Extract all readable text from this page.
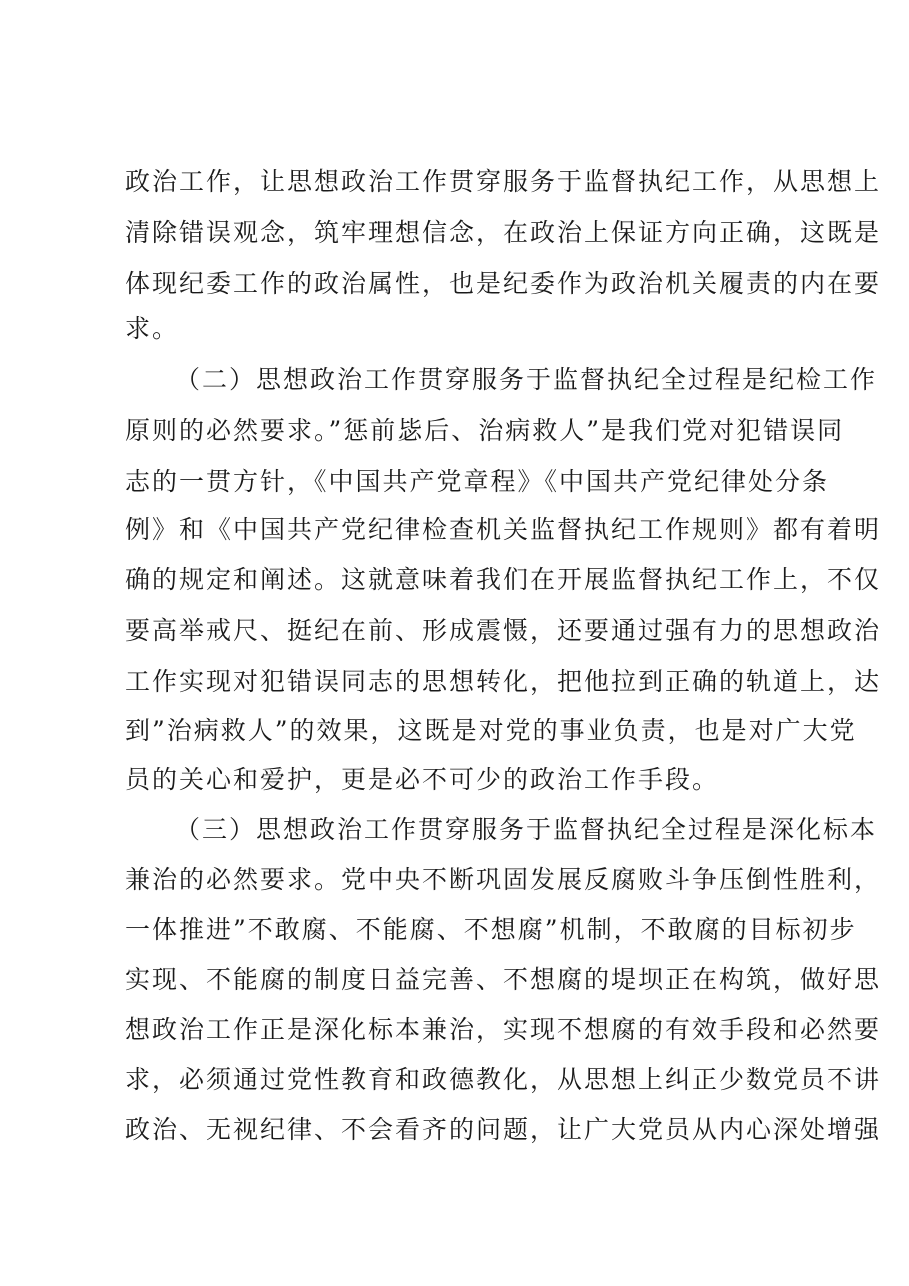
政治工作，让思想政治工作贯穿服务于监督执纪工作，从思想上
清除错误观念，筑牢理想信念，在政治上保证方向正确，这既是
体现纪委工作的政治属性，也是纪委作为政治机关履责的内在要
求。
（二）思想政治工作贯穿服务于监督执纪全过程是纪检工作
原则的必然要求。”惩前毖后、治病救人”是我们党对犯错误同
志的一贯方针，《中国共产党章程》《中国共产党纪律处分条
例》和《中国共产党纪律检查机关监督执纪工作规则》都有着明
确的规定和阐述。这就意味着我们在开展监督执纪工作上，不仅
要高举戒尺、挺纪在前、形成震慑，还要通过强有力的思想政治
工作实现对犯错误同志的思想转化，把他拉到正确的轨道上，达
到”治病救人”的效果，这既是对党的事业负责，也是对广大党
员的关心和爱护，更是必不可少的政治工作手段。
（三）思想政治工作贯穿服务于监督执纪全过程是深化标本
兼治的必然要求。党中央不断巩固发展反腐败斗争压倒性胜利，
一体推进”不敢腐、不能腐、不想腐”机制，不敢腐的目标初步
实现、不能腐的制度日益完善、不想腐的堤坝正在构筑，做好思
想政治工作正是深化标本兼治，实现不想腐的有效手段和必然要
求，必须通过党性教育和政德教化，从思想上纠正少数党员不讲
政治、无视纪律、不会看齐的问题，让广大党员从内心深处增强
